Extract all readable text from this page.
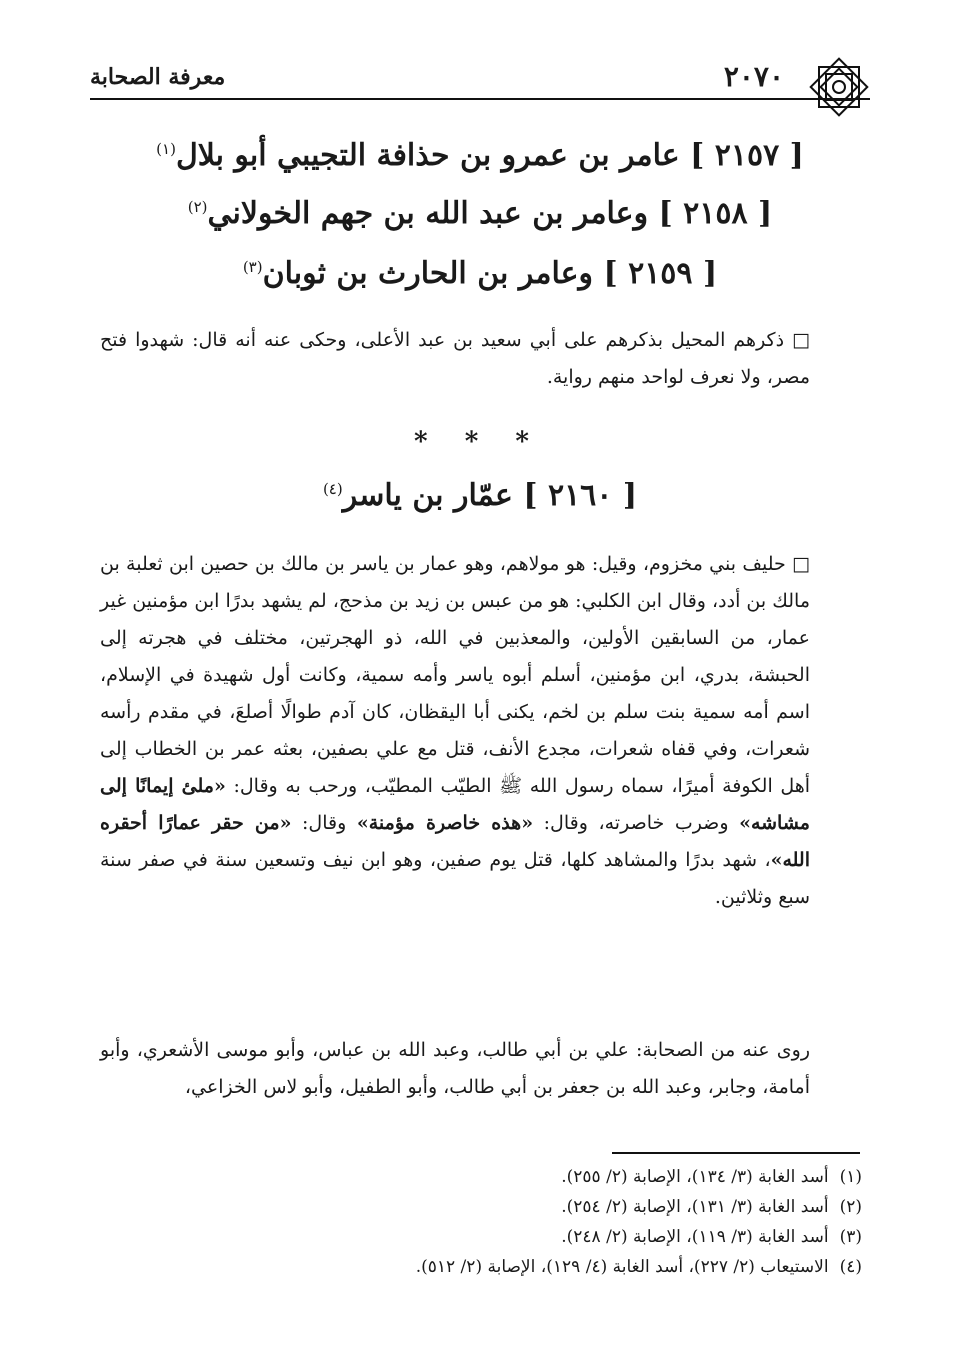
٢٠٧٠
معرفة الصحابة
[ ٢١٥٧ ] عامر بن عمرو بن حذافة التجيبي أبو بلال$^{(١)}$
[ ٢١٥٨ ] وعامر بن عبد الله بن جهم الخولاني$^{(٢)}$
[ ٢١٥٩ ] وعامر بن الحارث بن ثوبان$^{(٣)}$
□ ذكرهم المحيل بذكرهم على أبي سعيد بن عبد الأعلى، وحكى عنه أنه قال: شهدوا فتح مصر، ولا نعرف لواحد منهم رواية.
* * *
[ ٢١٦٠ ] عمّار بن ياسر$^{(٤)}$
□ حليف بني مخزوم، وقيل: هو مولاهم، وهو عمار بن ياسر بن مالك بن حصين ابن ثعلبة بن مالك بن أدد، وقال ابن الكلبي: هو من عبس بن زيد بن مذحج، لم يشهد بدرًا ابن مؤمنين غير عمار، من السابقين الأولين، والمعذبين في الله، ذو الهجرتين، مختلف في هجرته إلى الحبشة، بدري، ابن مؤمنين، أسلم أبوه ياسر وأمه سمية، وكانت أول شهيدة في الإسلام، اسم أمه سمية بنت سلم بن لخم، يكنى أبا اليقظان، كان آدم طوالًا أصلعَ، في مقدم رأسه شعرات، وفي قفاه شعرات، مجدع الأنف، قتل مع علي بصفين، بعثه عمر بن الخطاب إلى أهل الكوفة أميرًا، سماه رسول الله ﷺ الطيّب المطيّب، ورحب به وقال: «ملئ إيمانًا إلى مشاشه» وضرب خاصرته، وقال: «هذه خاصرة مؤمنة» وقال: «من حقر عمارًا أحقره الله»، شهد بدرًا والمشاهد كلها، قتل يوم صفين، وهو ابن نيف وتسعين سنة في صفر سنة سبع وثلاثين.
روى عنه من الصحابة: علي بن أبي طالب، وعبد الله بن عباس، وأبو موسى الأشعري، وأبو أمامة، وجابر، وعبد الله بن جعفر بن أبي طالب، وأبو الطفيل، وأبو لاس الخزاعي،
(١) أسد الغابة (٣/ ١٣٤)، الإصابة (٢/ ٢٥٥).
(٢) أسد الغابة (٣/ ١٣١)، الإصابة (٢/ ٢٥٤).
(٣) أسد الغابة (٣/ ١١٩)، الإصابة (٢/ ٢٤٨).
(٤) الاستيعاب (٢/ ٢٢٧)، أسد الغابة (٤/ ١٢٩)، الإصابة (٢/ ٥١٢).
